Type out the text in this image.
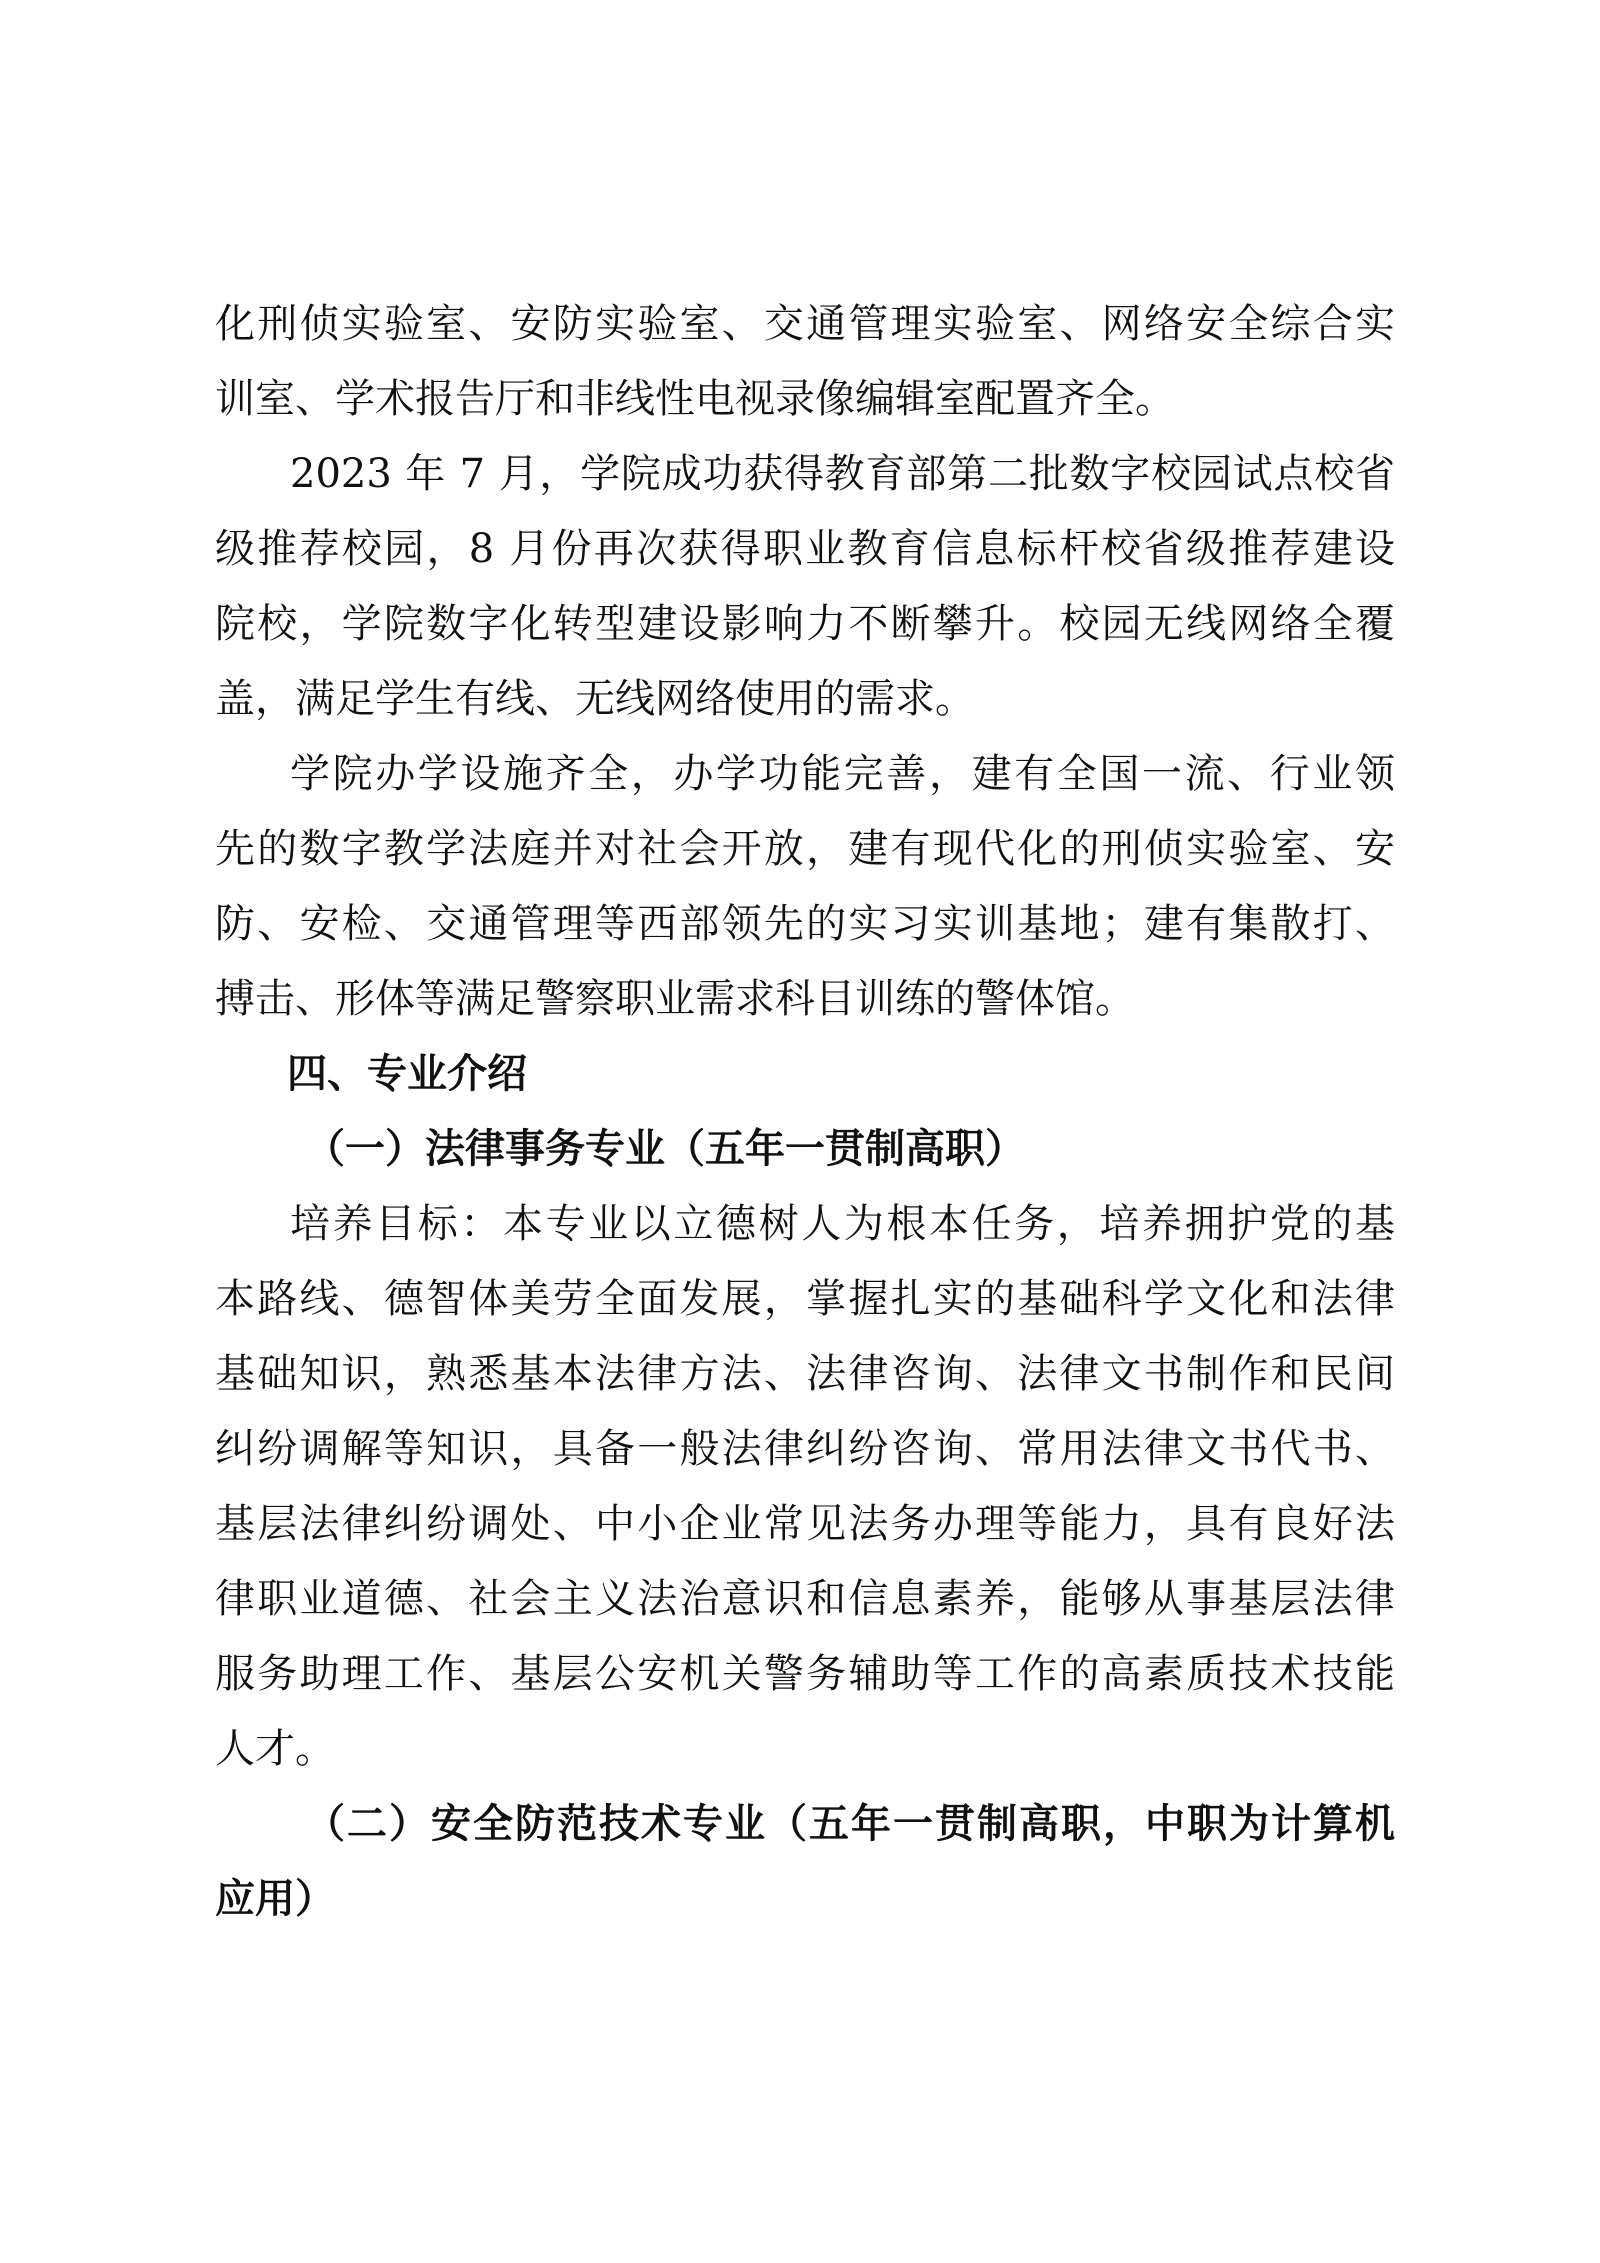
化刑侦实验室、安防实验室、交通管理实验室、网络安全综合实
训室、学术报告厅和非线性电视录像编辑室配置齐全。
2023 年 7 月，学院成功获得教育部第二批数字校园试点校省
级推荐校园，8 月份再次获得职业教育信息标杆校省级推荐建设
院校，学院数字化转型建设影响力不断攀升。校园无线网络全覆
盖，满足学生有线、无线网络使用的需求。
学院办学设施齐全，办学功能完善，建有全国一流、行业领
先的数字教学法庭并对社会开放，建有现代化的刑侦实验室、安
防、安检、交通管理等西部领先的实习实训基地；建有集散打、
搏击、形体等满足警察职业需求科目训练的警体馆。
四、专业介绍
（一）法律事务专业（五年一贯制高职）
培养目标：本专业以立德树人为根本任务，培养拥护党的基
本路线、德智体美劳全面发展，掌握扎实的基础科学文化和法律
基础知识，熟悉基本法律方法、法律咨询、法律文书制作和民间
纠纷调解等知识，具备一般法律纠纷咨询、常用法律文书代书、
基层法律纠纷调处、中小企业常见法务办理等能力，具有良好法
律职业道德、社会主义法治意识和信息素养，能够从事基层法律
服务助理工作、基层公安机关警务辅助等工作的高素质技术技能
人才。
（二）安全防范技术专业（五年一贯制高职，中职为计算机
应用）
